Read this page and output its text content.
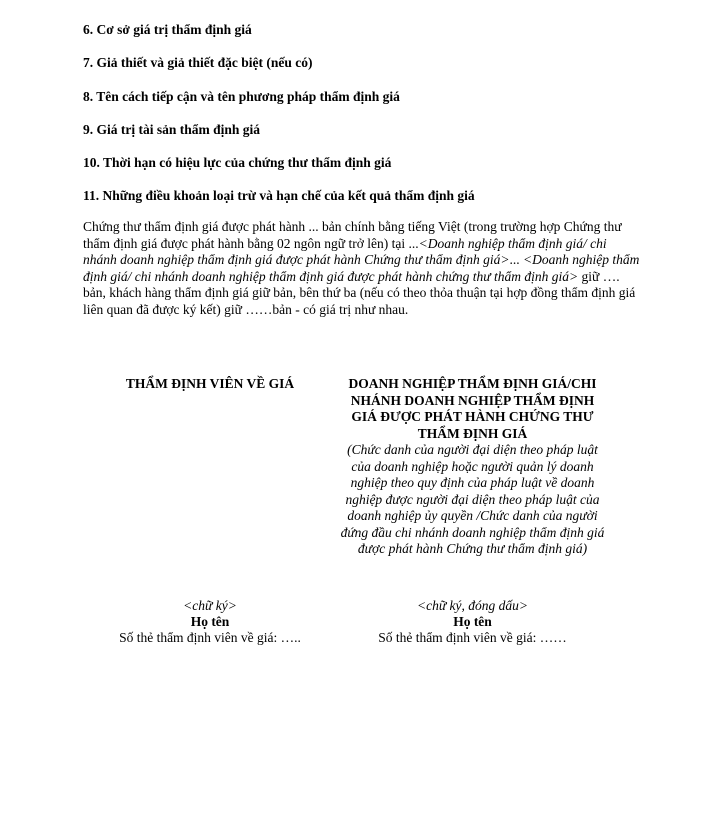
6. Cơ sở giá trị thẩm định giá
7. Giả thiết và giả thiết đặc biệt (nếu có)
8. Tên cách tiếp cận và tên phương pháp thẩm định giá
9. Giá trị tài sản thẩm định giá
10. Thời hạn có hiệu lực của chứng thư thẩm định giá
11. Những điều khoản loại trừ và hạn chế của kết quả thẩm định giá
Chứng thư thẩm định giá được phát hành ... bản chính bằng tiếng Việt (trong trường hợp Chứng thư thẩm định giá được phát hành bằng 02 ngôn ngữ trở lên) tại ...<Doanh nghiệp thẩm định giá/ chi nhánh doanh nghiệp thẩm định giá được phát hành Chứng thư thẩm định giá>... <Doanh nghiệp thẩm định giá/ chi nhánh doanh nghiệp thẩm định giá được phát hành chứng thư thẩm định giá> giữ …. bản, khách hàng thẩm định giá giữ bản, bên thứ ba (nếu có theo thỏa thuận tại hợp đồng thẩm định giá liên quan đã được ký kết) giữ ……bản - có giá trị như nhau.
THẨM ĐỊNH VIÊN VỀ GIÁ	DOANH NGHIỆP THẨM ĐỊNH GIÁ/CHI NHÁNH DOANH NGHIỆP THẨM ĐỊNH GIÁ ĐƯỢC PHÁT HÀNH CHỨNG THƯ THẨM ĐỊNH GIÁ
(Chức danh của người đại diện theo pháp luật của doanh nghiệp hoặc người quản lý doanh nghiệp theo quy định của pháp luật về doanh nghiệp được người đại diện theo pháp luật của doanh nghiệp ủy quyền /Chức danh của người đứng đầu chi nhánh doanh nghiệp thẩm định giá được phát hành Chứng thư thẩm định giá)
<chữ ký>
Họ tên
Số thẻ thẩm định viên về giá: …..
<chữ ký, đóng dấu>
Họ tên
Số thẻ thẩm định viên về giá: ……
